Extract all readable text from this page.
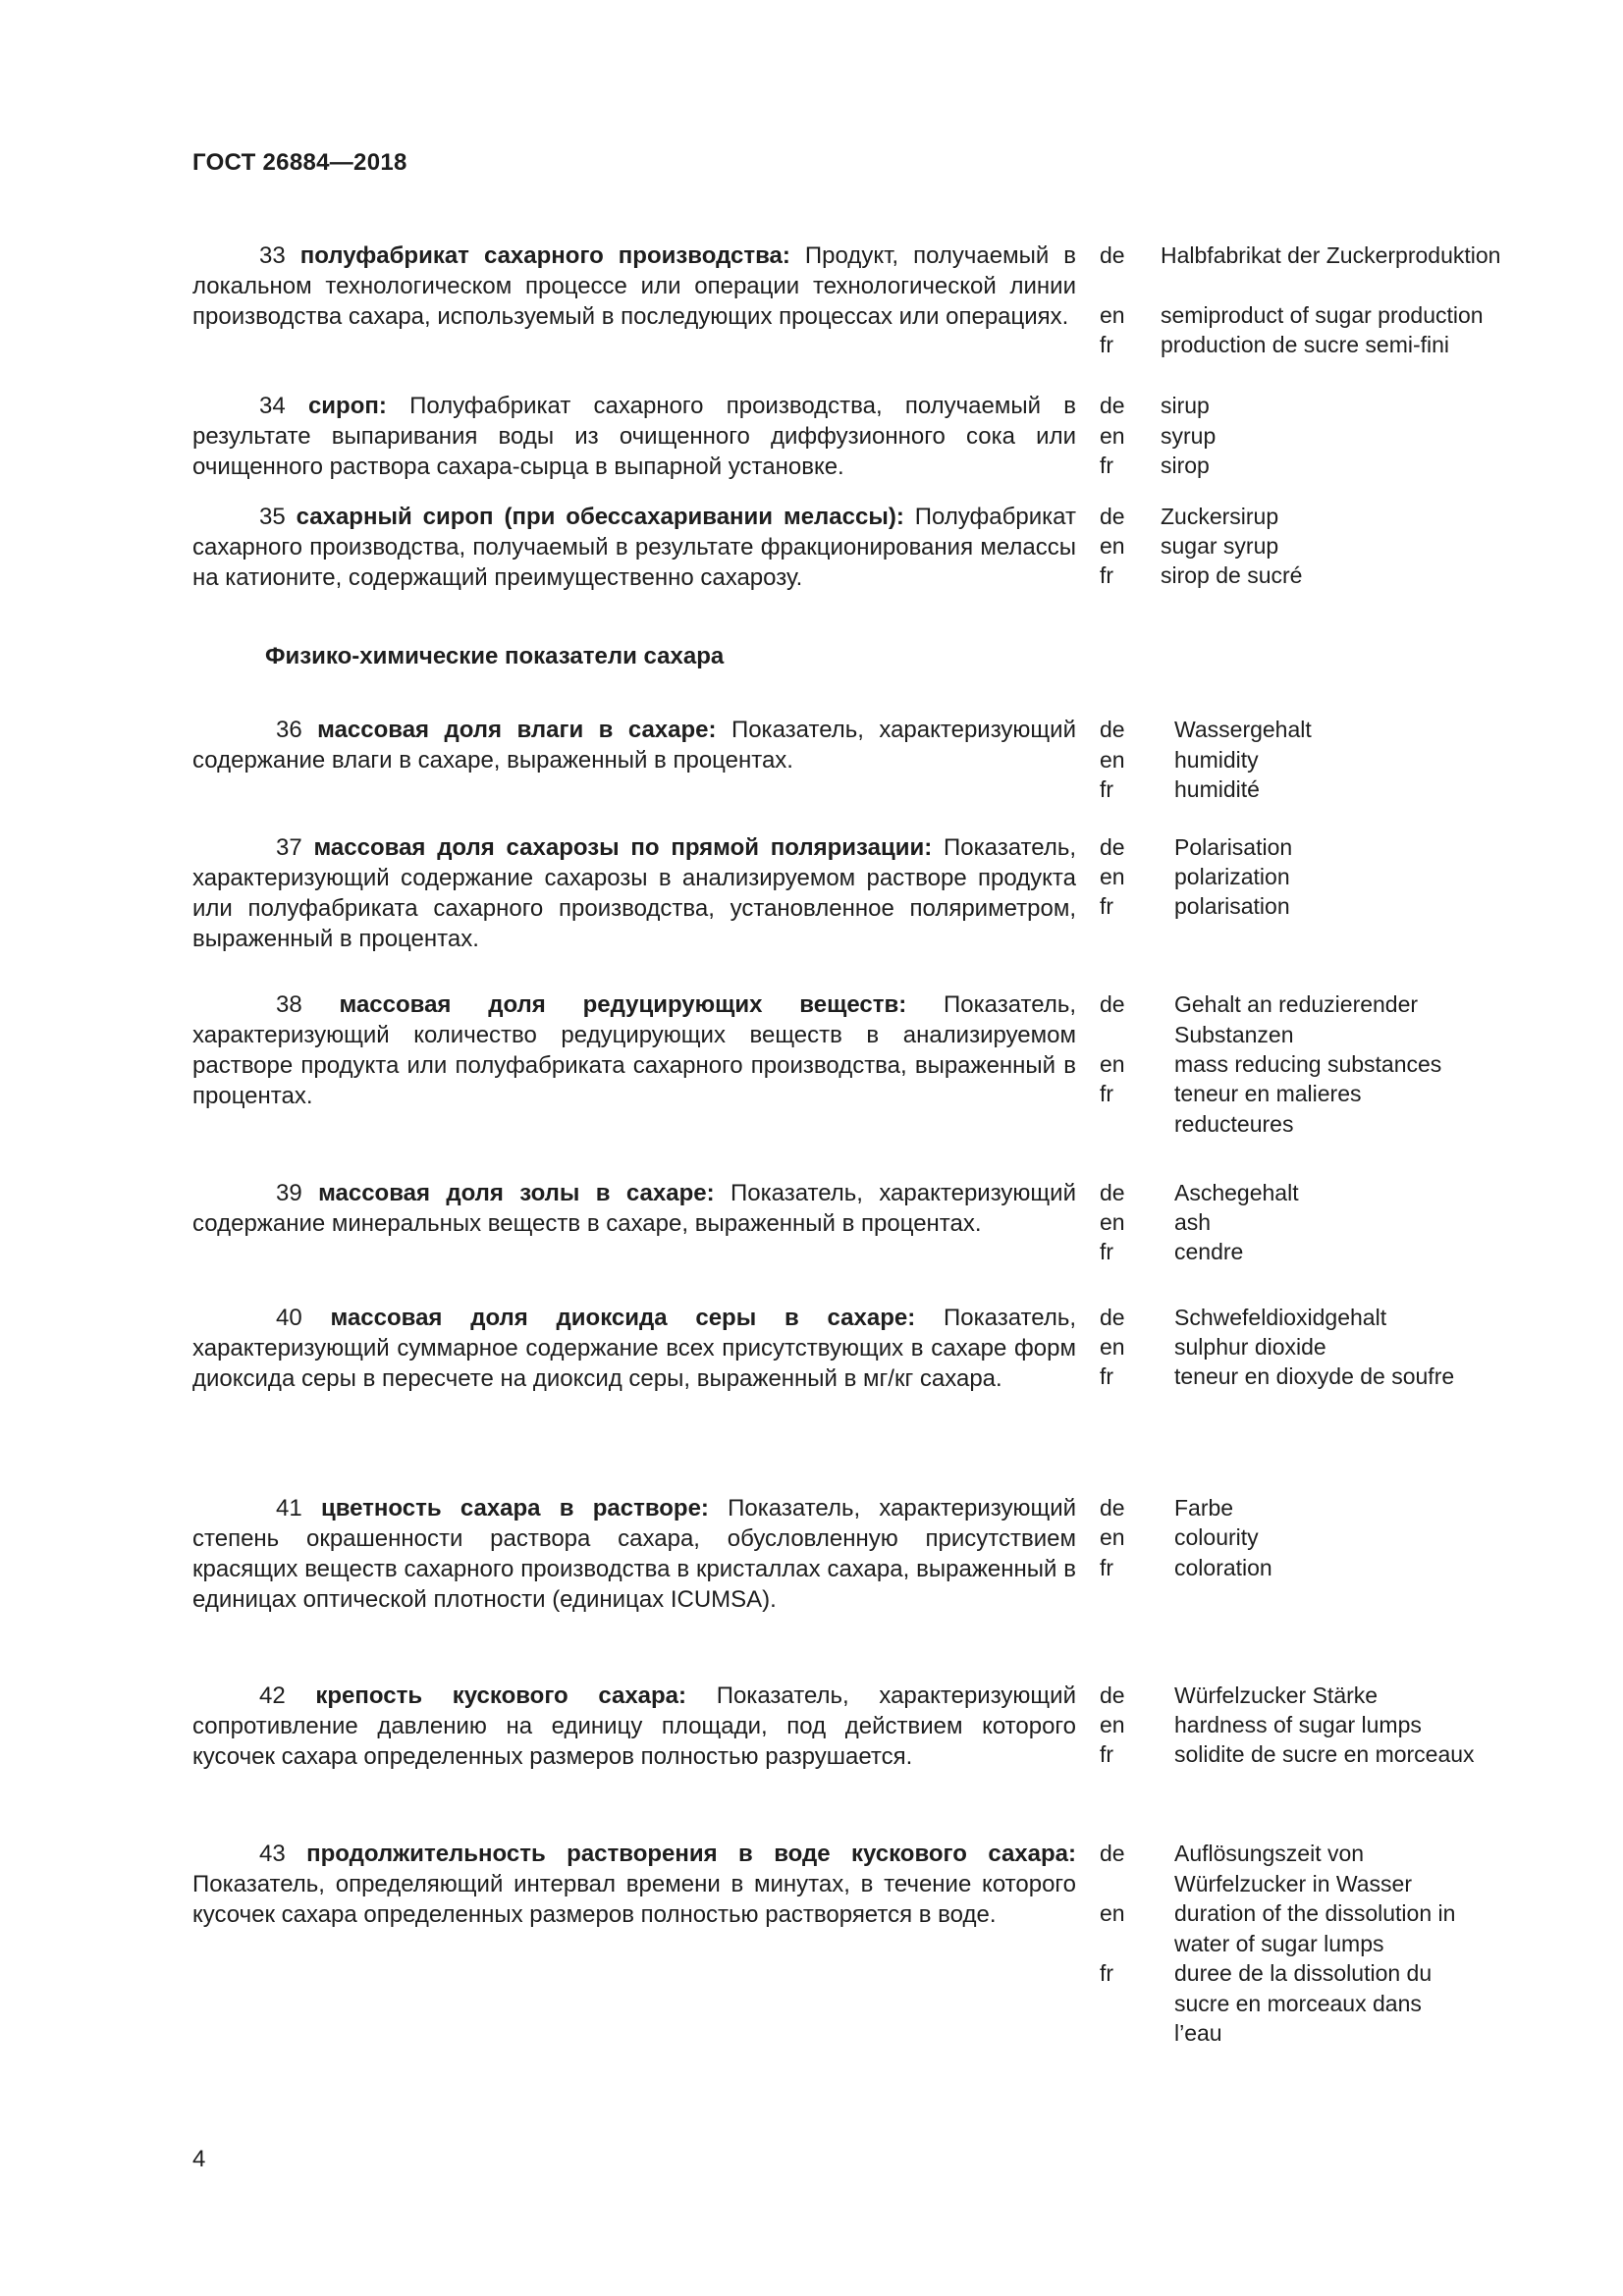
ГОСТ 26884—2018
33 полуфабрикат сахарного производства: Продукт, получаемый в локальном технологическом процессе или операции технологической линии производства сахара, используемый в последующих процессах или операциях.
de Halbfabrikat der Zuckerproduktion
en semiproduct of sugar production
fr production de sucre semi-fini
34 сироп: Полуфабрикат сахарного производства, получаемый в результате выпаривания воды из очищенного диффузионного сока или очищенного раствора сахара-сырца в выпарной установке.
de sirup
en syrup
fr sirop
35 сахарный сироп (при обессахаривании мелассы): Полуфабрикат сахарного производства, получаемый в результате фракционирования мелассы на катионите, содержащий преимущественно сахарозу.
de Zuckersirup
en sugar syrup
fr sirop de sucré
Физико-химические показатели сахара
36 массовая доля влаги в сахаре: Показатель, характеризующий содержание влаги в сахаре, выраженный в процентах.
de Wassergehalt
en humidity
fr	humidité
37 массовая доля сахарозы по прямой поляризации: Показатель, характеризующий содержание сахарозы в анализируемом растворе продукта или полуфабриката сахарного производства, установленное поляриметром, выраженный в процентах.
de Polarisation
en polarization
fr	polarisation
38 массовая доля редуцирующих веществ: Показатель, характеризующий количество редуцирующих веществ в анализируемом растворе продукта или полуфабриката сахарного производства, выраженный в процентах.
de Gehalt an reduzierender Substanzen
en mass reducing substances
fr	teneur en malieres reducteures
39 массовая доля золы в сахаре: Показатель, характеризующий содержание минеральных веществ в сахаре, выраженный в процентах.
de Aschegehalt
en ash
fr	cendre
40 массовая доля диоксида серы в сахаре: Показатель, характеризующий суммарное содержание всех присутствующих в сахаре форм диоксида серы в пересчете на диоксид серы, выраженный в мг/кг сахара.
de Schwefeldioxidgehalt
en sulphur dioxide
fr	teneur en dioxyde de soufre
41 цветность сахара в растворе: Показатель, характеризующий степень окрашенности раствора сахара, обусловленную присутствием красящих веществ сахарного производства в кристаллах сахара, выраженный в единицах оптической плотности (единицах ICUMSA).
de Farbe
en colourity
fr	coloration
42 крепость кускового сахара: Показатель, характеризующий сопротивление давлению на единицу площади, под действием которого кусочек сахара определенных размеров полностью разрушается.
de Würfelzucker Stärke
en hardness of sugar lumps
fr	solidite de sucre en morceaux
43 продолжительность растворения в воде кускового сахара: Показатель, определяющий интервал времени в минутах, в течение которого кусочек сахара определенных размеров полностью растворяется в воде.
de Auflösungszeit von Würfelzucker in Wasser
en duration of the dissolution in water of sugar lumps
fr	duree de la dissolution du sucre en morceaux dans l’eau
4
